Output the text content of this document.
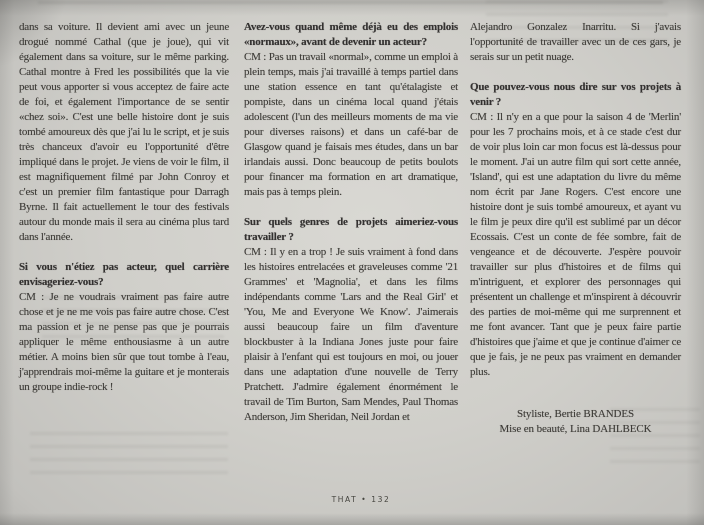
dans sa voiture. Il devient ami avec un jeune drogué nommé Cathal (que je joue), qui vit également dans sa voiture, sur le même parking. Cathal montre à Fred les possibilités que la vie peut vous apporter si vous acceptez de faire acte de foi, et également l'importance de se sentir «chez soi». C'est une belle histoire dont je suis tombé amoureux dès que j'ai lu le script, et je suis très chanceux d'avoir eu l'opportunité d'être impliqué dans le projet. Je viens de voir le film, il est magnifiquement filmé par John Conroy et c'est un premier film fantastique pour Darragh Byrne. Il fait actuellement le tour des festivals autour du monde mais il sera au cinéma plus tard dans l'année.

Si vous n'étiez pas acteur, quel carrière envisageriez-vous?

CM : Je ne voudrais vraiment pas faire autre chose et je ne me vois pas faire autre chose. C'est ma passion et je ne pense pas que je pourrais appliquer le même enthousiasme à un autre métier. A moins bien sûr que tout tombe à l'eau, j'apprendrais moi-même la guitare et je monterais un groupe indie-rock !

Avez-vous quand même déjà eu des emplois «normaux», avant de devenir un acteur?

CM : Pas un travail «normal», comme un emploi à plein temps, mais j'ai travaillé à temps partiel dans une station essence en tant qu'étalagiste et pompiste, dans un cinéma local quand j'étais adolescent (l'un des meilleurs moments de ma vie pour diverses raisons) et dans un café-bar de Glasgow quand je faisais mes études, dans un bar irlandais aussi. Donc beaucoup de petits boulots pour financer ma formation en art dramatique, mais pas à temps plein.

Sur quels genres de projets aimeriez-vous travailler ?

CM : Il y en a trop ! Je suis vraiment à fond dans les histoires entrelacées et graveleuses comme '21 Grammes' et 'Magnolia', et dans les films indépendants comme 'Lars and the Real Girl' et 'You, Me and Everyone We Know'. J'aimerais aussi beaucoup faire un film d'aventure blockbuster à la Indiana Jones juste pour faire plaisir à l'enfant qui est toujours en moi, ou jouer dans une adaptation d'une nouvelle de Terry Pratchett. J'admire également énormément le travail de Tim Burton, Sam Mendes, Paul Thomas Anderson, Jim Sheridan, Neil Jordan et

Alejandro Gonzalez Inarritu. Si j'avais l'opportunité de travailler avec un de ces gars, je serais sur un petit nuage.

Que pouvez-vous nous dire sur vos projets à venir ?

CM : Il n'y en a que pour la saison 4 de 'Merlin' pour les 7 prochains mois, et à ce stade c'est dur de voir plus loin car mon focus est là-dessus pour le moment. J'ai un autre film qui sort cette année, 'Island', qui est une adaptation du livre du même nom écrit par Jane Rogers. C'est encore une histoire dont je suis tombé amoureux, et ayant vu le film je peux dire qu'il est sublimé par un décor Ecossais. C'est un conte de fée sombre, fait de vengeance et de découverte. J'espère pouvoir travailler sur plus d'histoires et de films qui m'intriguent, et explorer des personnages qui présentent un challenge et m'inspirent à découvrir des parties de moi-même qui me surprennent et me font avancer. Tant que je peux faire partie d'histoires que j'aime et que je continue d'aimer ce que je fais, je ne peux pas vraiment en demander plus.

Styliste, Bertie BRANDES

Mise en beauté, Lina DAHLBECK

THAT • 132
